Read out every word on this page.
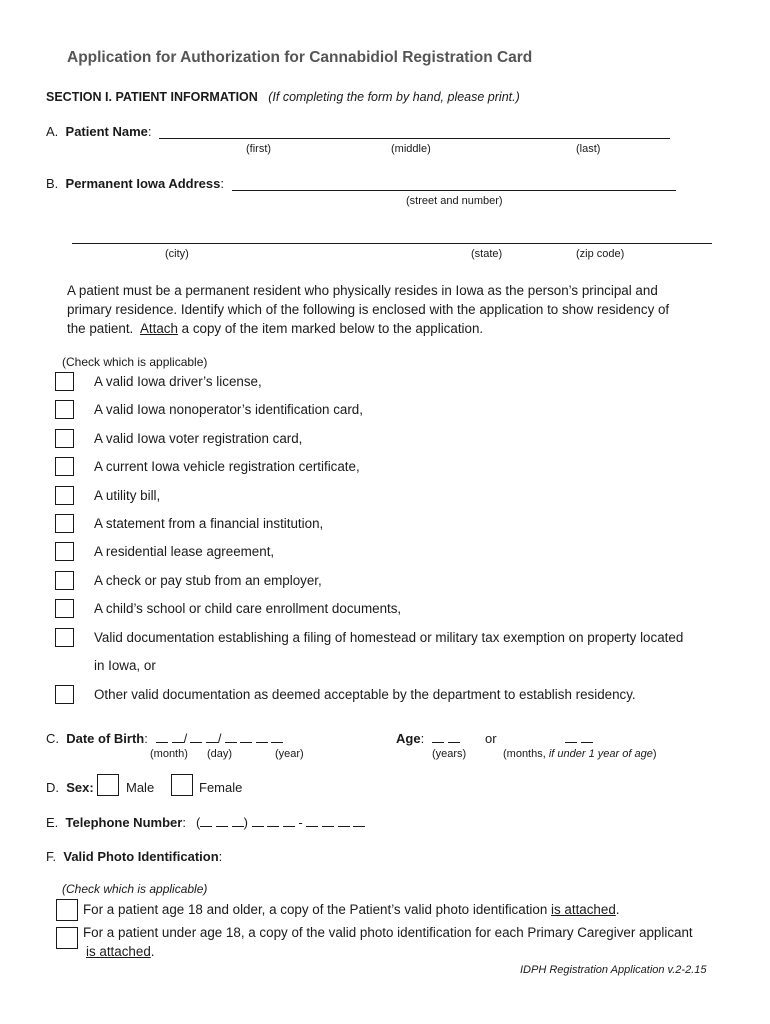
Application for Authorization for Cannabidiol Registration Card
SECTION I. PATIENT INFORMATION (If completing the form by hand, please print.)
A. Patient Name:
(first)	(middle)	(last)
B. Permanent Iowa Address:
(street and number)
(city)	(state)	(zip code)
A patient must be a permanent resident who physically resides in Iowa as the person’s principal and
primary residence. Identify which of the following is enclosed with the application to show residency of
the patient. Attach a copy of the item marked below to the application.
(Check which is applicable)
A valid Iowa driver’s license,
A valid Iowa nonoperator’s identification card,
A valid Iowa voter registration card,
A current Iowa vehicle registration certificate,
A utility bill,
A statement from a financial institution,
A residential lease agreement,
A check or pay stub from an employer,
A child’s school or child care enrollment documents,
Valid documentation establishing a filing of homestead or military tax exemption on property located
in Iowa, or
Other valid documentation as deemed acceptable by the department to establish residency.
C. Date of Birth:	/ /
(month) (day)	(year)
Age:
	or

(years)	(months, if under 1 year of age)
D. Sex: Male	Female
E. Telephone Number: (	)	-
F. Valid Photo Identification:
(Check which is applicable)
For a patient age 18 and older, a copy of the Patient’s valid photo identification is attached.
For a patient under age 18, a copy of the valid photo identification for each Primary Caregiver applicant
is attached.
IDPH Registration Application v.2-2.15
